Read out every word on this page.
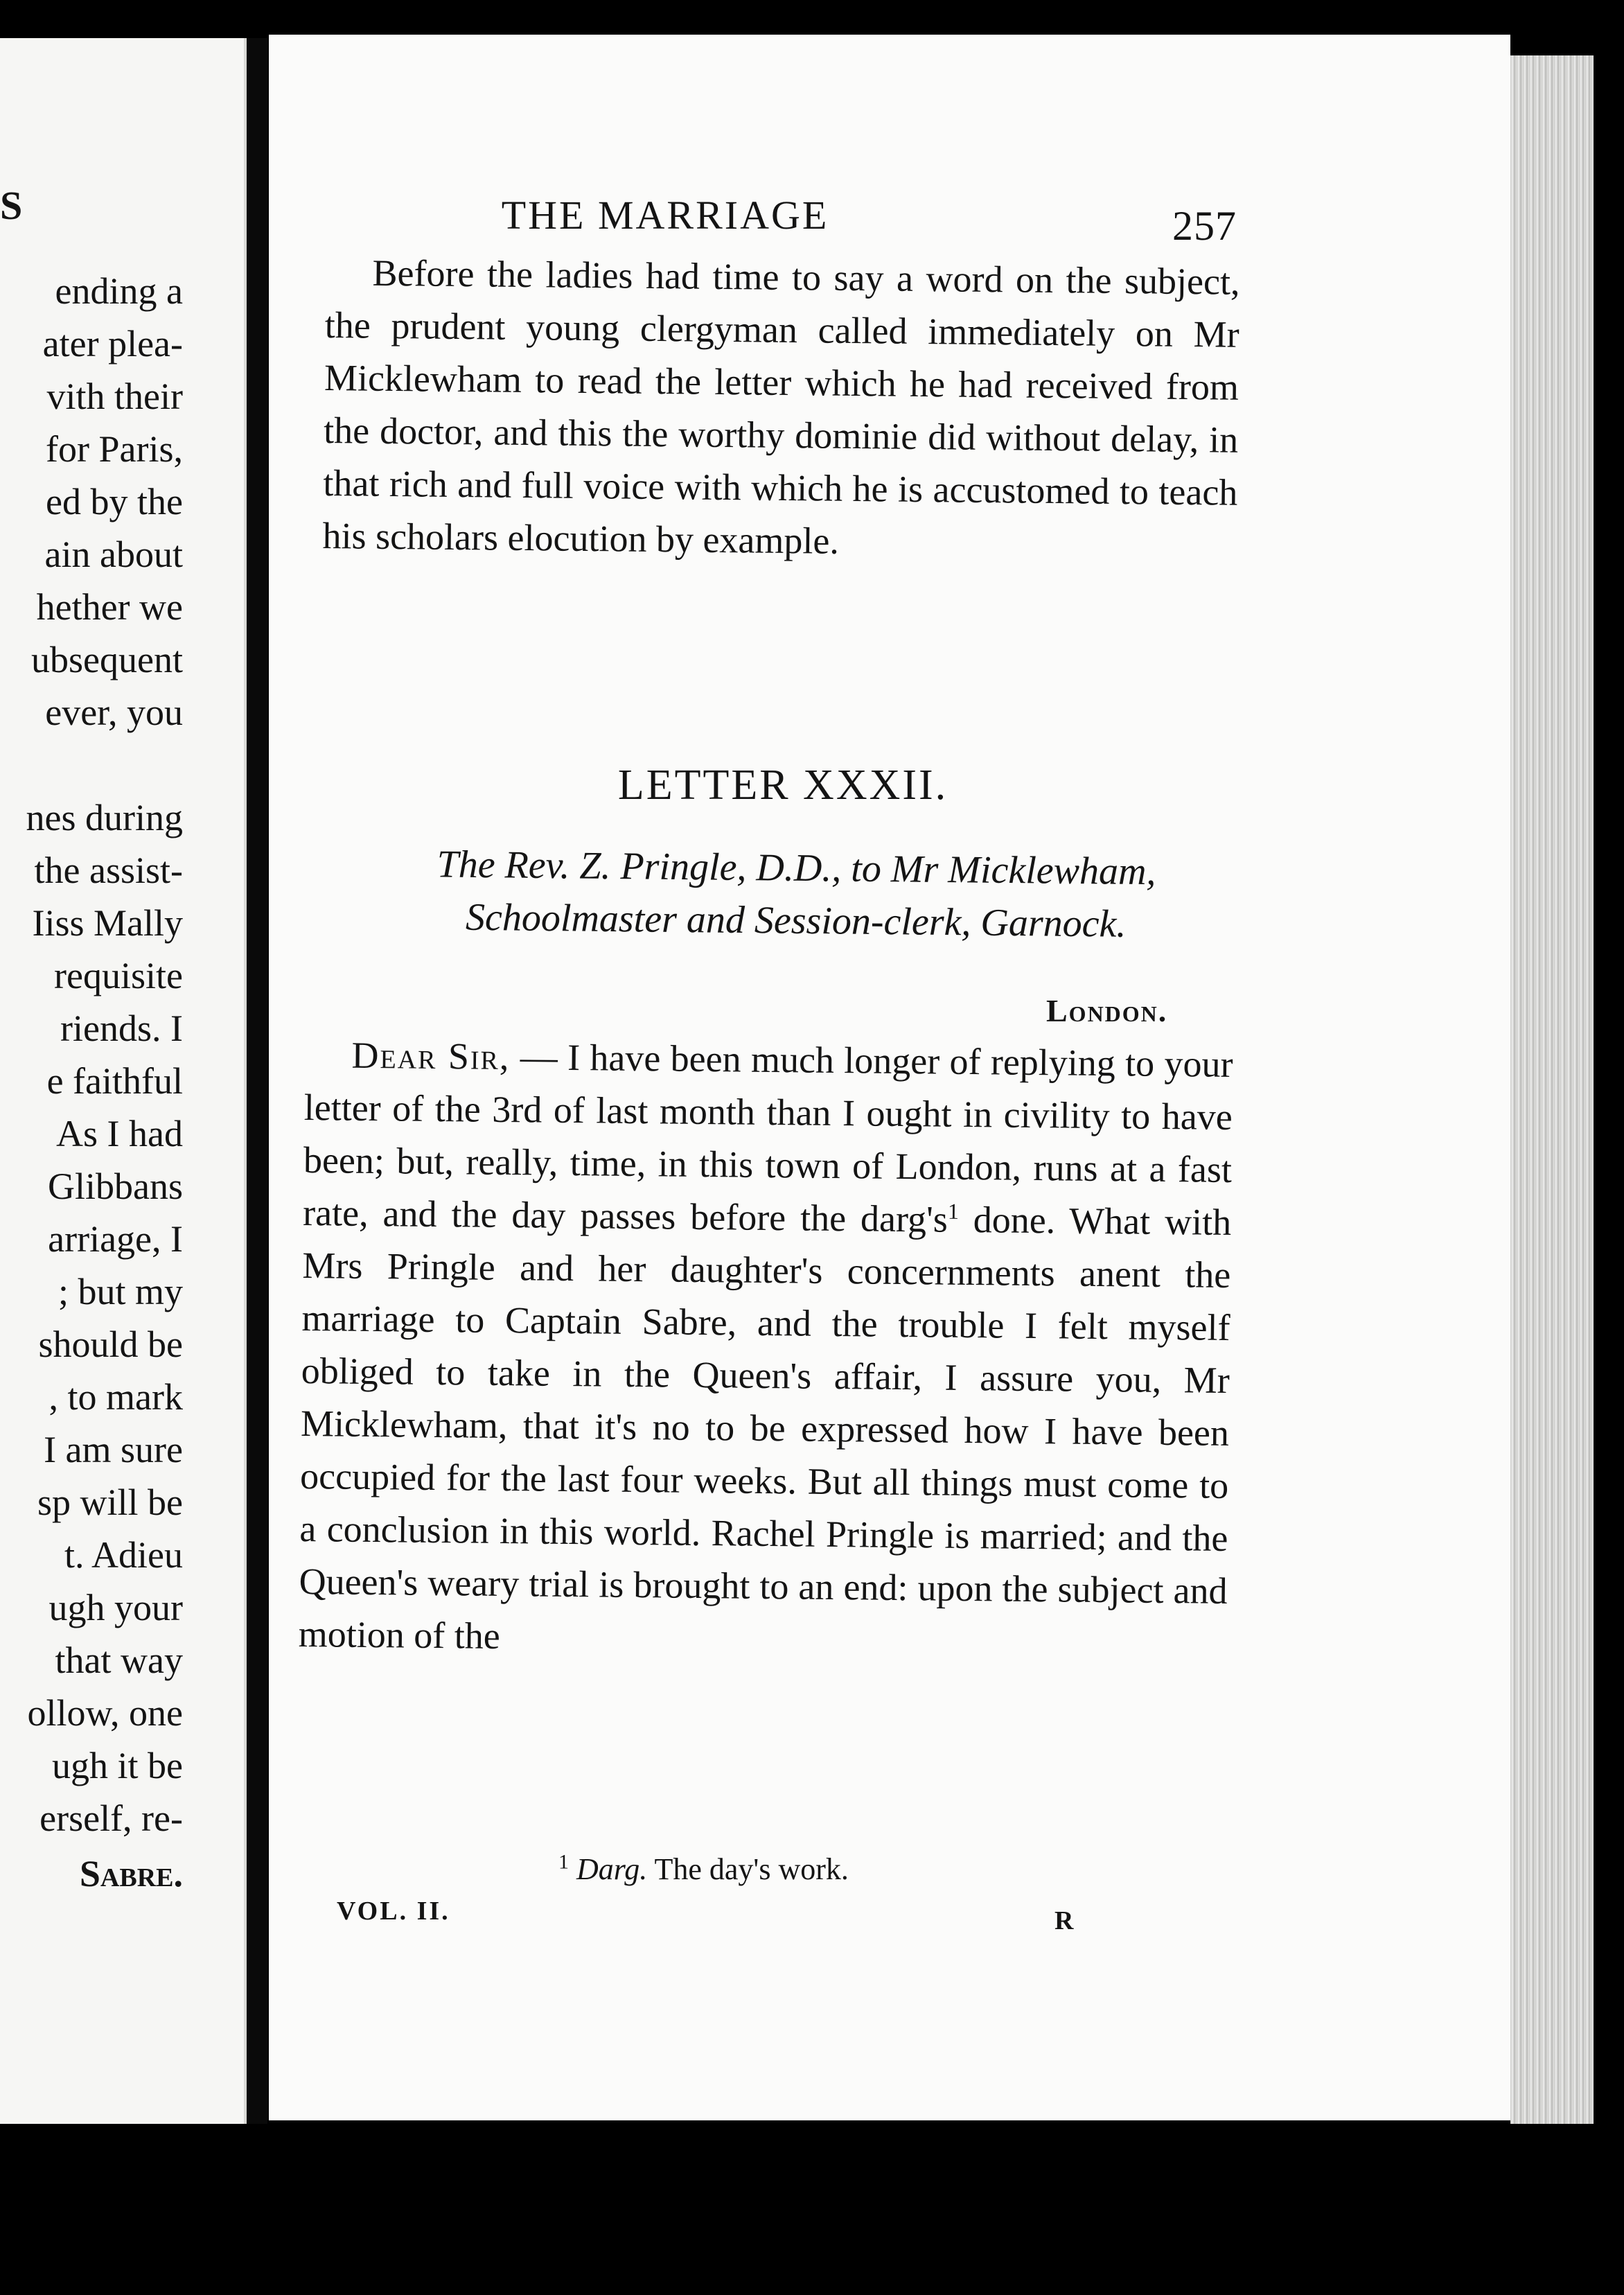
S
ending a
ater plea-
vith their
for Paris,
ed by the
ain about
hether we
ubsequent
ever, you
nes during
the assist-
Iiss Mally
requisite
riends. I
e faithful
As I had
Glibbans
arriage, I
; but my
should be
, to mark
I am sure
sp will be
t. Adieu
ugh your
that way
ollow, one
ugh it be
erself, re-
Sabre.
THE MARRIAGE	257

Before the ladies had time to say a word on the subject, the prudent young clergyman called immediately on Mr Micklewham to read the letter which he had received from the doctor, and this the worthy dominie did without delay, in that rich and full voice with which he is accustomed to teach his scholars elocution by example.

LETTER XXXII.
The Rev. Z. Pringle, D.D., to Mr Micklewham, Schoolmaster and Session-clerk, Garnock.
London.

Dear Sir, — I have been much longer of replying to your letter of the 3rd of last month than I ought in civility to have been; but, really, time, in this town of London, runs at a fast rate, and the day passes before the $darg's^1$ done. What with Mrs Pringle and her daughter's concernments anent the marriage to Captain Sabre, and the trouble I felt myself obliged to take in the Queen's affair, I assure you, Mr Micklewham, that it's no to be expressed how I have been occupied for the last four weeks. But all things must come to a conclusion in this world. Rachel Pringle is married; and the Queen's weary trial is brought to an end: upon the subject and motion of the

$^1$ Darg. The day's work.
VOL. II.	R
